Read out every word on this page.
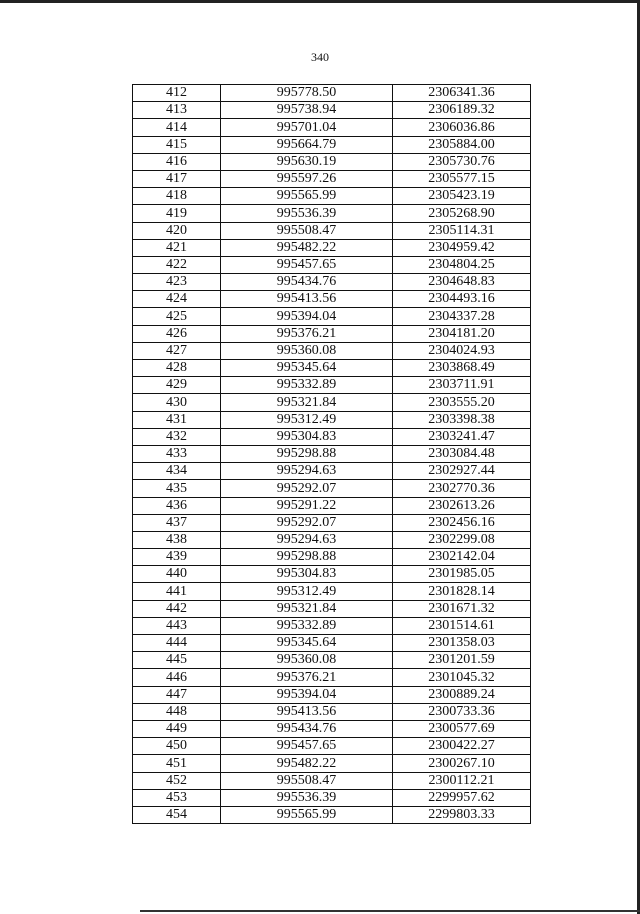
340
412	995778.50	2306341.36
413	995738.94	2306189.32
414	995701.04	2306036.86
415	995664.79	2305884.00
416	995630.19	2305730.76
417	995597.26	2305577.15
418	995565.99	2305423.19
419	995536.39	2305268.90
420	995508.47	2305114.31
421	995482.22	2304959.42
422	995457.65	2304804.25
423	995434.76	2304648.83
424	995413.56	2304493.16
425	995394.04	2304337.28
426	995376.21	2304181.20
427	995360.08	2304024.93
428	995345.64	2303868.49
429	995332.89	2303711.91
430	995321.84	2303555.20
431	995312.49	2303398.38
432	995304.83	2303241.47
433	995298.88	2303084.48
434	995294.63	2302927.44
435	995292.07	2302770.36
436	995291.22	2302613.26
437	995292.07	2302456.16
438	995294.63	2302299.08
439	995298.88	2302142.04
440	995304.83	2301985.05
441	995312.49	2301828.14
442	995321.84	2301671.32
443	995332.89	2301514.61
444	995345.64	2301358.03
445	995360.08	2301201.59
446	995376.21	2301045.32
447	995394.04	2300889.24
448	995413.56	2300733.36
449	995434.76	2300577.69
450	995457.65	2300422.27
451	995482.22	2300267.10
452	995508.47	2300112.21
453	995536.39	2299957.62
454	995565.99	2299803.33
